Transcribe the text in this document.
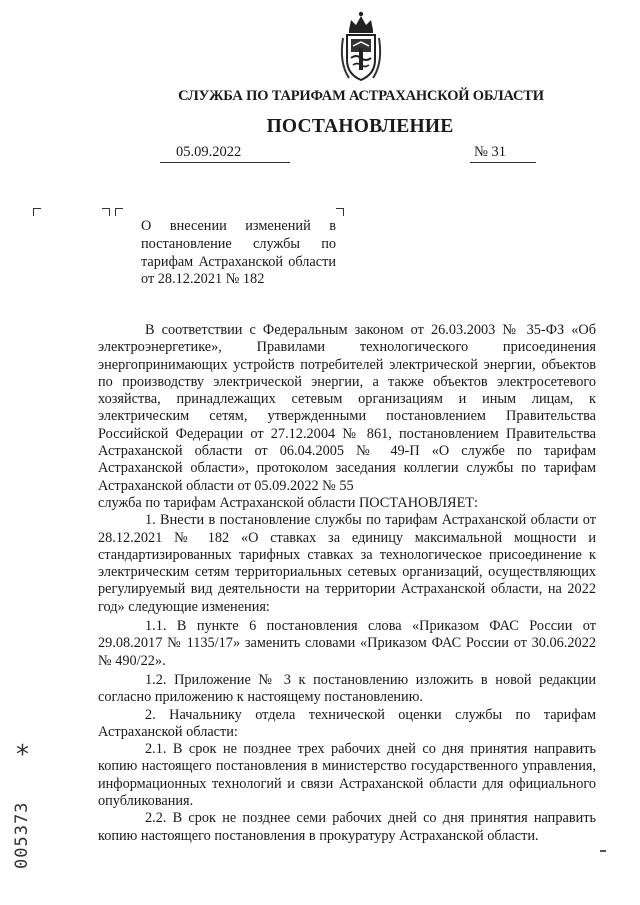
СЛУЖБА ПО ТАРИФАМ АСТРАХАНСКОЙ ОБЛАСТИ
ПОСТАНОВЛЕНИЕ
05.09.2022	№ 31
О внесении изменений в постановление службы по тарифам Астраханской области от 28.12.2021 № 182

В соответствии с Федеральным законом от 26.03.2003 № 35-ФЗ «Об электроэнергетике», Правилами технологического присоединения энергопринимающих устройств потребителей электрической энергии, объектов по производству электрической энергии, а также объектов электросетевого хозяйства, принадлежащих сетевым организациям и иным лицам, к электрическим сетям, утвержденными постановлением Правительства Российской Федерации от 27.12.2004 № 861, постановлением Правительства Астраханской области от 06.04.2005 № 49-П «О службе по тарифам Астраханской области», протоколом заседания коллегии службы по тарифам Астраханской области от 05.09.2022 № 55

служба по тарифам Астраханской области ПОСТАНОВЛЯЕТ:

1. Внести в постановление службы по тарифам Астраханской области от 28.12.2021 № 182 «О ставках за единицу максимальной мощности и стандартизированных тарифных ставках за технологическое присоединение к электрическим сетям территориальных сетевых организаций, осуществляющих регулируемый вид деятельности на территории Астраханской области, на 2022 год» следующие изменения:

1.1. В пункте 6 постановления слова «Приказом ФАС России от 29.08.2017 № 1135/17» заменить словами «Приказом ФАС России от 30.06.2022 № 490/22».

1.2. Приложение № 3 к постановлению изложить в новой редакции согласно приложению к настоящему постановлению.

2. Начальнику отдела технической оценки службы по тарифам Астраханской области:

2.1. В срок не позднее трех рабочих дней со дня принятия направить копию настоящего постановления в министерство государственного управления, информационных технологий и связи Астраханской области для официального опубликования.

2.2. В срок не позднее семи рабочих дней со дня принятия направить копию настоящего постановления в прокуратуру Астраханской области.

*
005373
